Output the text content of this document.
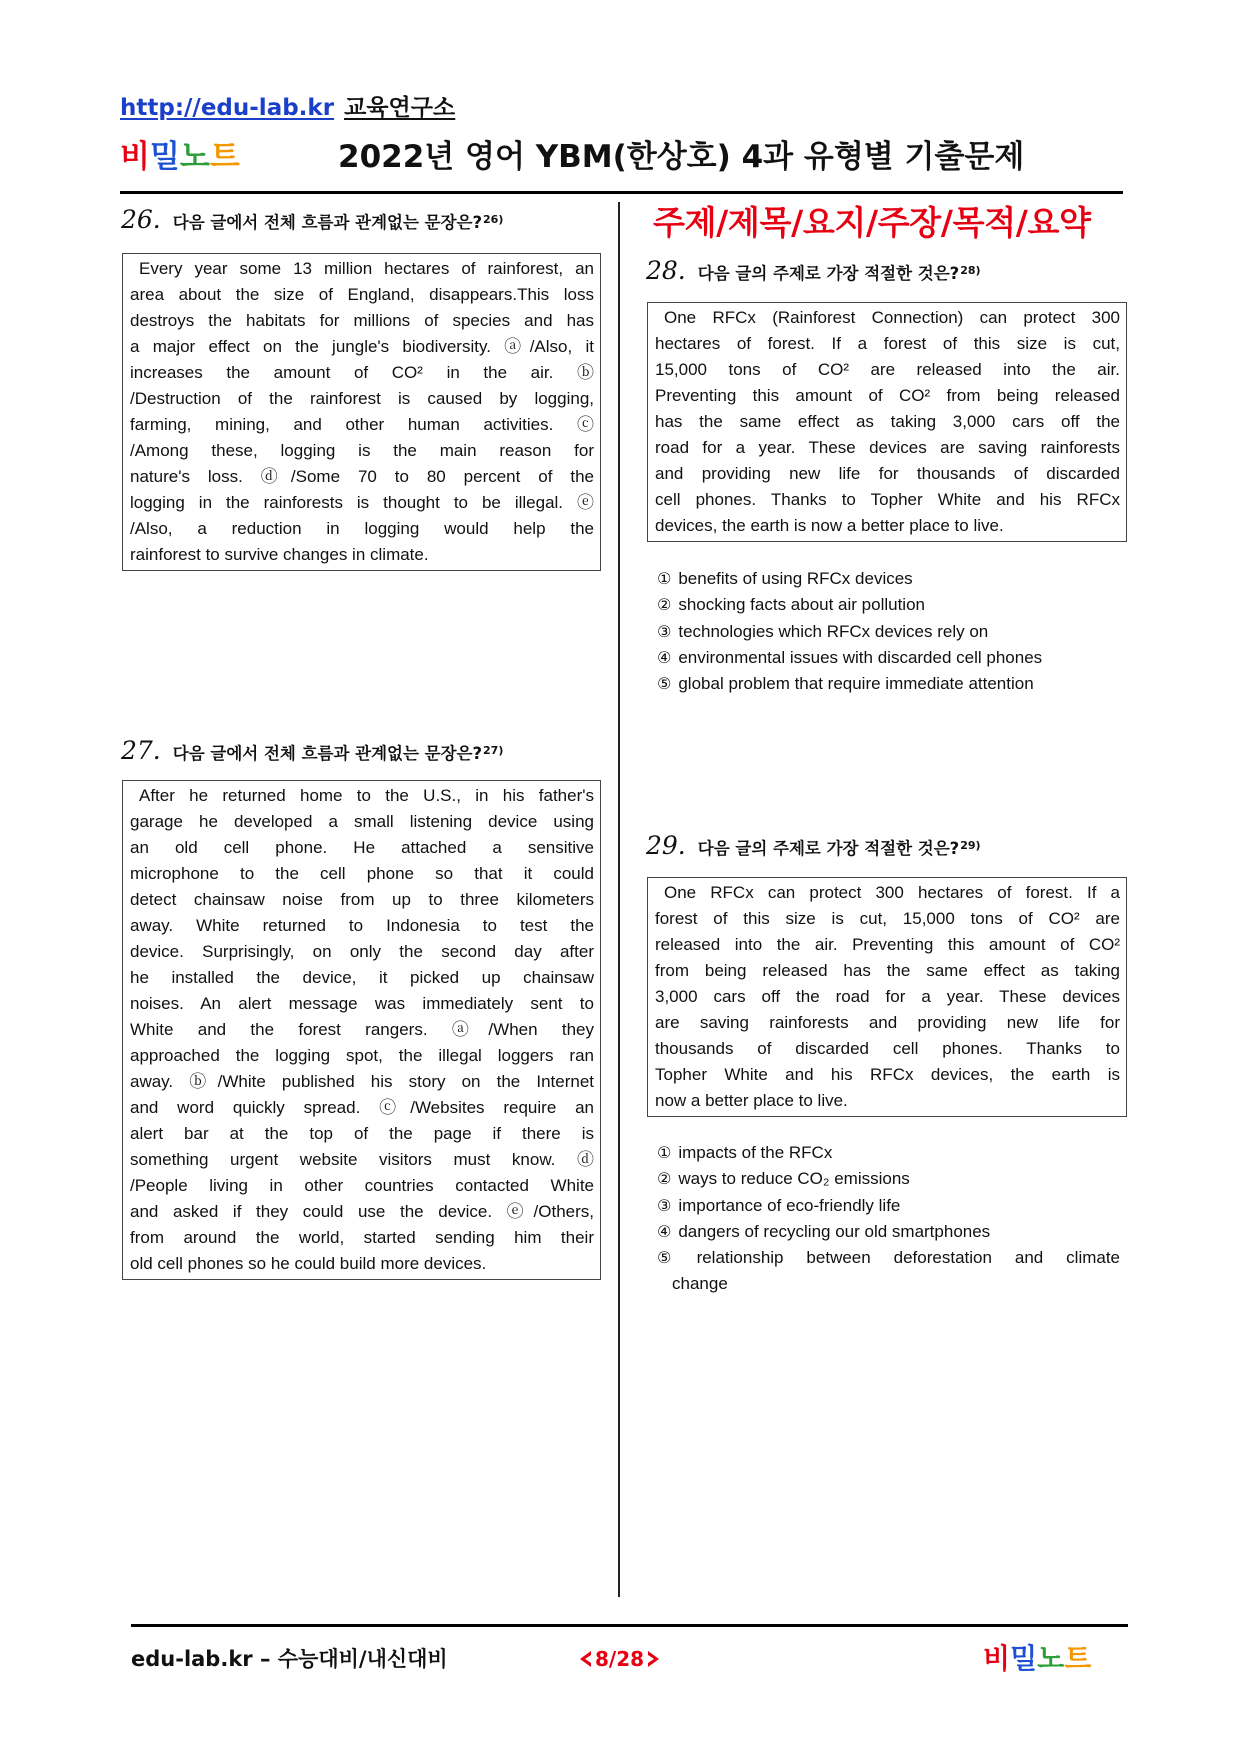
http://edu-lab.kr 교육연구소
비밀노트	2022년 영어 YBM(한상호) 4과 유형별 기출문제
26. 다음 글에서 전체 흐름과 관계없는 문장은?$^{26)}$
Every year some 13 million hectares of rainforest, an
area about the size of England, disappears.This loss
destroys the habitats for millions of species and has
a major effect on the jungle's biodiversity. ⓐ/Also, it
increases the amount of CO² in the air. ⓑ
/Destruction of the rainforest is caused by logging,
farming, mining, and other human activities. ⓒ
/Among these, logging is the main reason for
nature's loss. ⓓ/Some 70 to 80 percent of the
logging in the rainforests is thought to be illegal. ⓔ
/Also, a reduction in logging would help the
rainforest to survive changes in climate.
27. 다음 글에서 전체 흐름과 관계없는 문장은?$^{27)}$
After he returned home to the U.S., in his father's
garage he developed a small listening device using
an old cell phone. He attached a sensitive
microphone to the cell phone so that it could
detect chainsaw noise from up to three kilometers
away. White returned to Indonesia to test the
device. Surprisingly, on only the second day after
he installed the device, it picked up chainsaw
noises. An alert message was immediately sent to
White and the forest rangers. ⓐ/When they
approached the logging spot, the illegal loggers ran
away. ⓑ/White published his story on the Internet
and word quickly spread. ⓒ/Websites require an
alert bar at the top of the page if there is
something urgent website visitors must know. ⓓ
/People living in other countries contacted White
and asked if they could use the device. ⓔ/Others,
from around the world, started sending him their
old cell phones so he could build more devices.
주제/제목/요지/주장/목적/요약
28. 다음 글의 주제로 가장 적절한 것은?$^{28)}$
One RFCx (Rainforest Connection) can protect 300
hectares of forest. If a forest of this size is cut,
15,000 tons of CO² are released into the air.
Preventing this amount of CO² from being released
has the same effect as taking 3,000 cars off the
road for a year. These devices are saving rainforests
and providing new life for thousands of discarded
cell phones. Thanks to Topher White and his RFCx
devices, the earth is now a better place to live.
① benefits of using RFCx devices
② shocking facts about air pollution
③ technologies which RFCx devices rely on
④ environmental issues with discarded cell phones
⑤ global problem that require immediate attention
29. 다음 글의 주제로 가장 적절한 것은?$^{29)}$
One RFCx can protect 300 hectares of forest. If a
forest of this size is cut, 15,000 tons of CO² are
released into the air. Preventing this amount of CO²
from being released has the same effect as taking
3,000 cars off the road for a year. These devices
are saving rainforests and providing new life for
thousands of discarded cell phones. Thanks to
Topher White and his RFCx devices, the earth is
now a better place to live.
① impacts of the RFCx
② ways to reduce CO₂ emissions
③ importance of eco-friendly life
④ dangers of recycling our old smartphones
⑤ relationship between deforestation and climate
change
edu-lab.kr – 수능대비/내신대비	8/28	비밀노트
